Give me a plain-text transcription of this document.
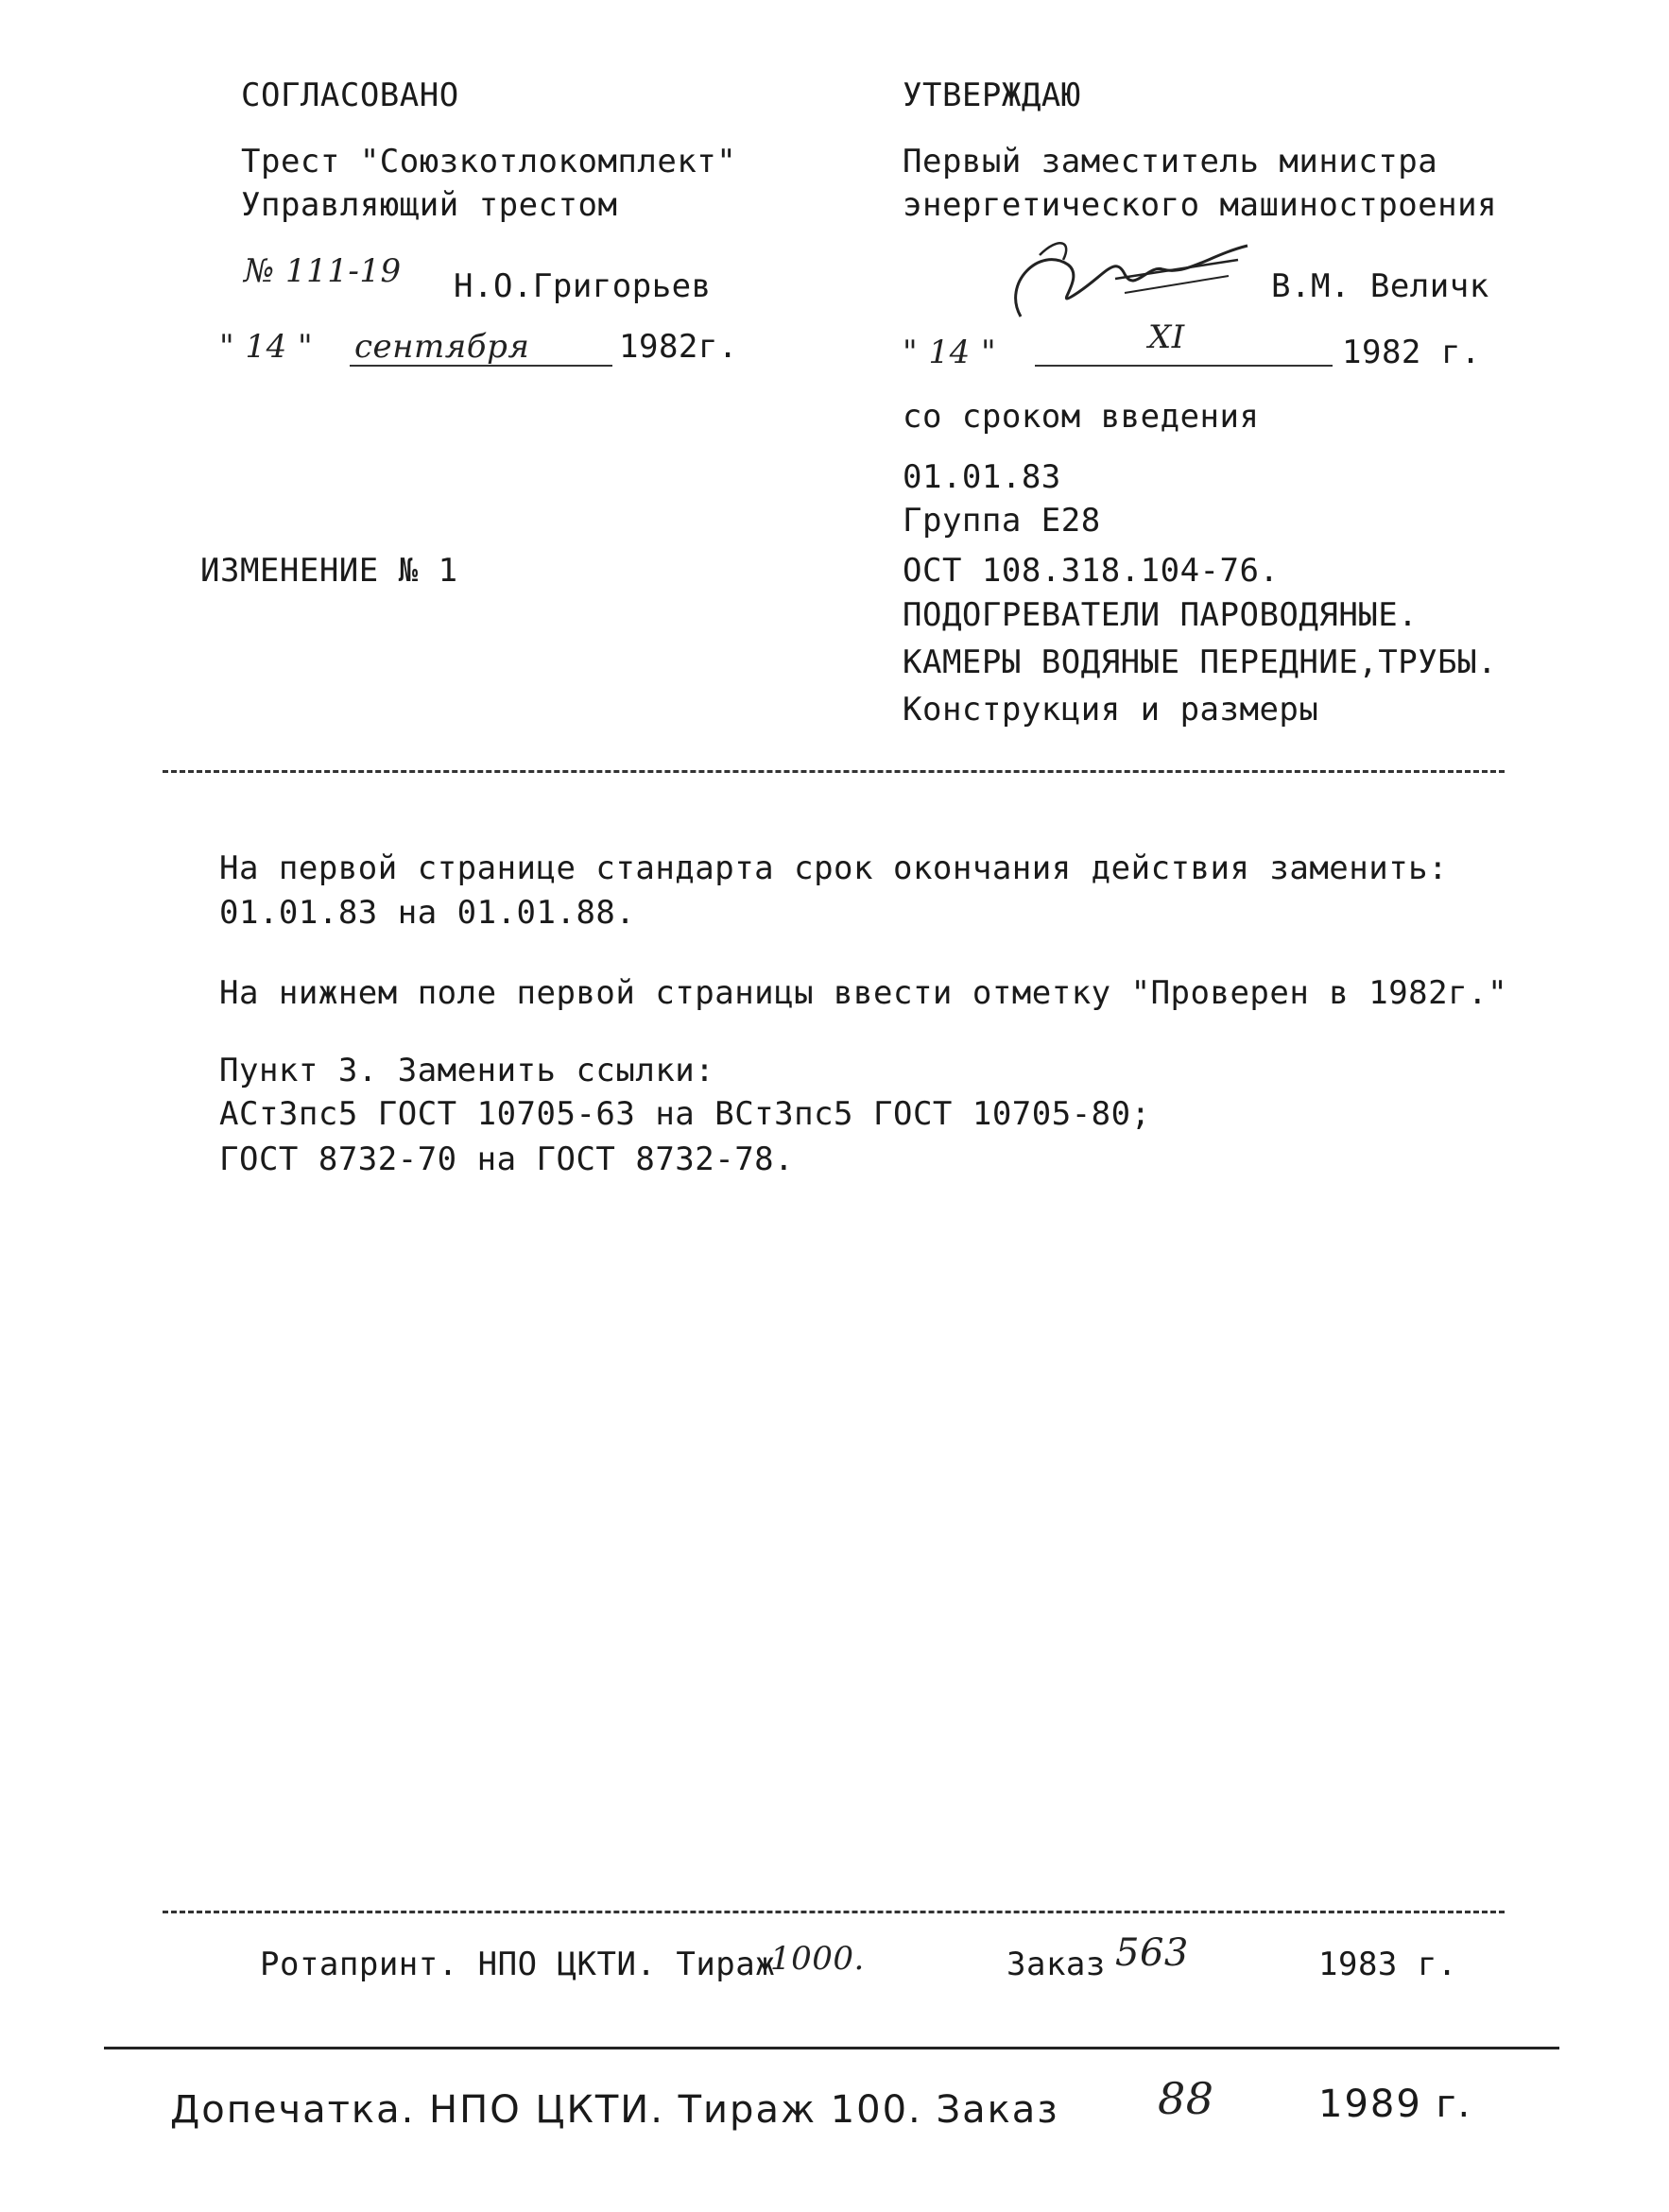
СОГЛАСОВАНО
Трест "Союзкотлокомплект"
Управляющий трестом
№ 111-19 Н.О.Григорьев
" 14 " сентября	1982г.
УТВЕРЖДАЮ
Первый заместитель министра
энергетического машиностроения
В.М. Величк
" 14 "	XI	1982 г.
со сроком введения
01.01.83
Группа Е28
ОСТ 108.318.104-76.
ПОДОГРЕВАТЕЛИ ПАРОВОДЯНЫЕ.
КАМЕРЫ ВОДЯНЫЕ ПЕРЕДНИЕ,ТРУБЫ.
Конструкция и размеры
ИЗМЕНЕНИЕ № 1
На первой странице стандарта срок окончания действия заменить:
01.01.83 на 01.01.88.
На нижнем поле первой страницы ввести отметку "Проверен в 1982г."
Пункт 3. Заменить ссылки:
АСт3пс5 ГОСТ 10705-63 на ВСт3пс5 ГОСТ 10705-80;
ГОСТ 8732-70 на ГОСТ 8732-78.
Ротапринт. НПО ЦКТИ. Тираж
1000.	Заказ 563	1983 г.
Допечатка. НПО ЦКТИ. Тираж 100. Заказ 88	1989 г.
